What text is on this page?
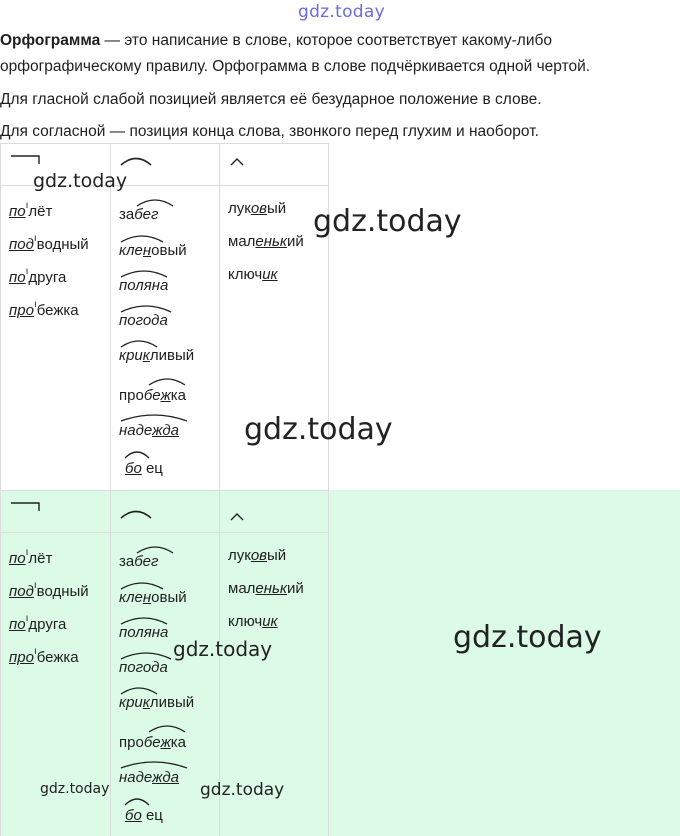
gdz.today
Орфограмма — это написание в слове, которое соответствует какому-либо орфографическому правилу. Орфограмма в слове подчёркивается одной чертой.
Для гласной слабой позицией является её безударное положение в слове.
Для согласной — позиция конца слова, звонкого перед глухим и наоборот.
$по^ıлёт$
под$^ı$водный
$по^ıдруга$
про$^ı$бежка
забег
кленовый
поляна
погода
крикливый
пробежка
надежда
бо ец
луковый
маленький
ключик
$по^ıлёт$
под$^ı$водный
$по^ıдруга$
про$^ı$бежка
забег
кленовый
поляна
погода
крикливый
пробежка
надежда
бо ец
луковый
маленький
ключик
gdz.today
gdz.today
gdz.today
gdz.today
gdz.today
gdz.today	gdz.today
